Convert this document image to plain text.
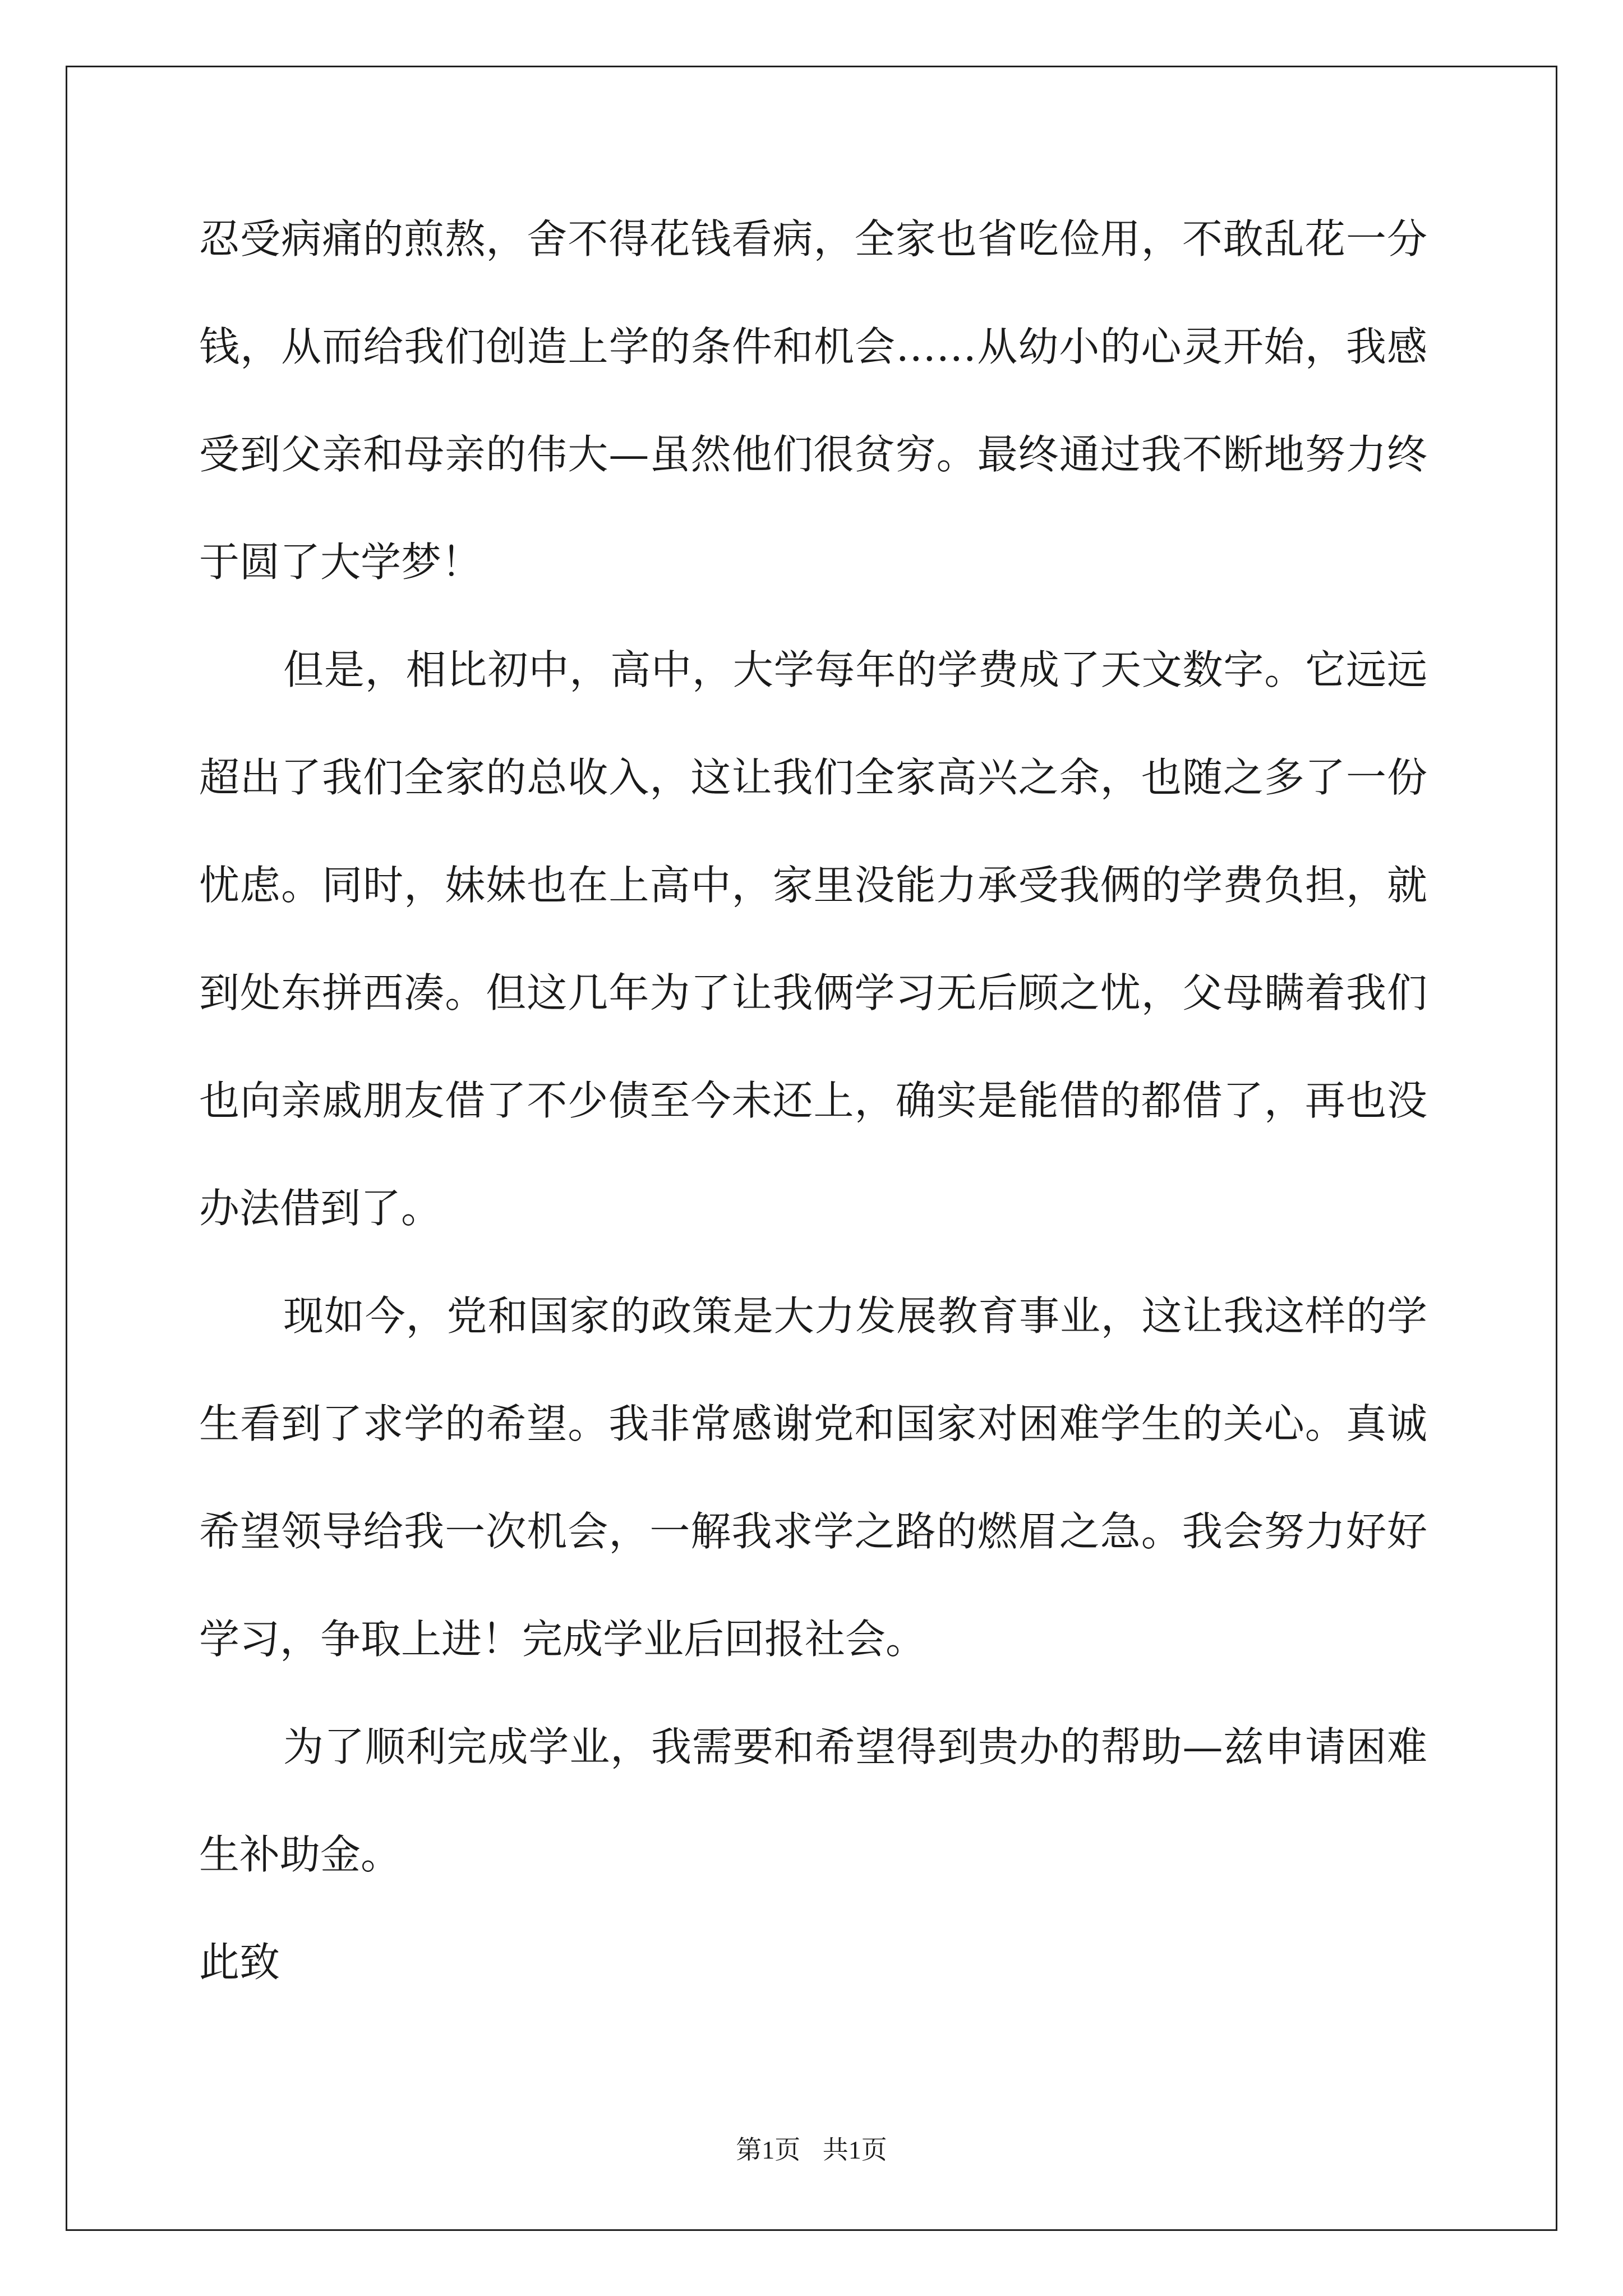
忍受病痛的煎熬，舍不得花钱看病，全家也省吃俭用，不敢乱花一分
钱，从而给我们创造上学的条件和机会……从幼小的心灵开始，我感
受到父亲和母亲的伟大—虽然他们很贫穷。最终通过我不断地努力终
于圆了大学梦！
但是，相比初中，高中，大学每年的学费成了天文数字。它远远
超出了我们全家的总收入，这让我们全家高兴之余，也随之多了一份
忧虑。同时，妹妹也在上高中，家里没能力承受我俩的学费负担，就
到处东拼西凑。但这几年为了让我俩学习无后顾之忧，父母瞒着我们
也向亲戚朋友借了不少债至今未还上，确实是能借的都借了，再也没
办法借到了。
现如今，党和国家的政策是大力发展教育事业，这让我这样的学
生看到了求学的希望。我非常感谢党和国家对困难学生的关心。真诚
希望领导给我一次机会，一解我求学之路的燃眉之急。我会努力好好
学习，争取上进！完成学业后回报社会。
为了顺利完成学业，我需要和希望得到贵办的帮助—兹申请困难
生补助金。
此致
第1页 共1页
